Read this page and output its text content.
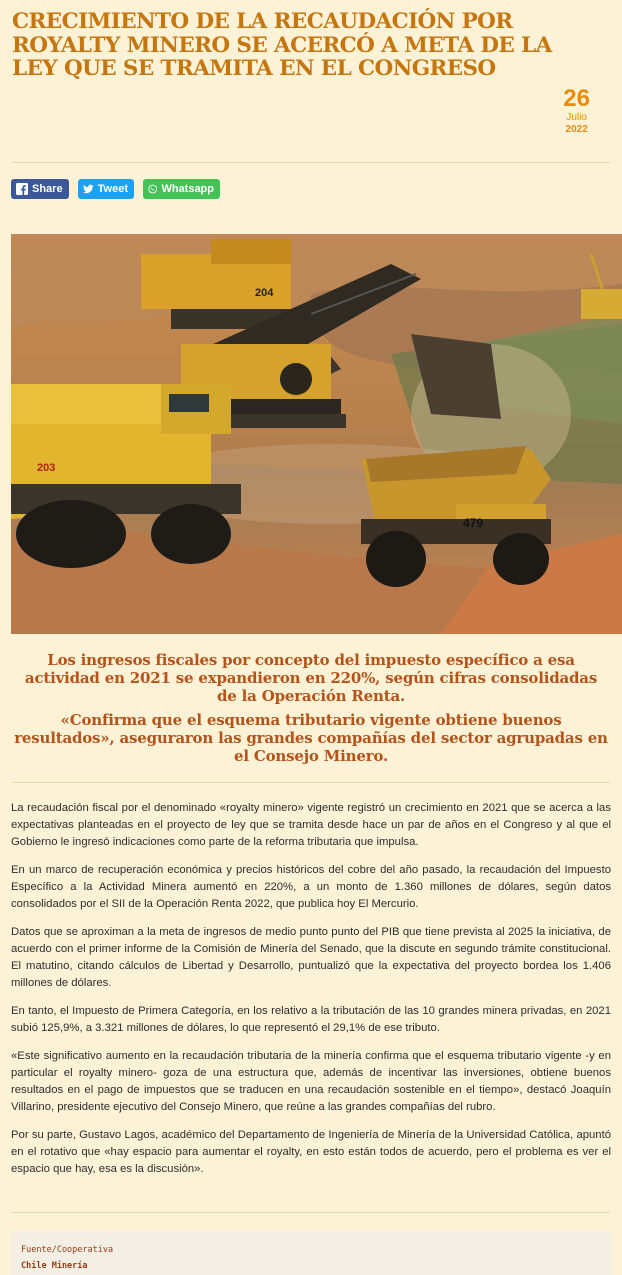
CRECIMIENTO DE LA RECAUDACIÓN POR ROYALTY MINERO SE ACERCÓ A META DE LA LEY QUE SE TRAMITA EN EL CONGRESO
26
Julio
2022
Share	Tweet	Whatsapp
204
203
479

Los ingresos fiscales por concepto del impuesto específico a esa actividad en 2021 se expandieron en 220%, según cifras consolidadas de la Operación Renta.

«Confirma que el esquema tributario vigente obtiene buenos resultados», aseguraron las grandes compañías del sector agrupadas en el Consejo Minero.

La recaudación fiscal por el denominado «royalty minero» vigente registró un crecimiento en 2021 que se acerca a las expectativas planteadas en el proyecto de ley que se tramita desde hace un par de años en el Congreso y al que el Gobierno le ingresó indicaciones como parte de la reforma tributaria que impulsa.

En un marco de recuperación económica y precios históricos del cobre del año pasado, la recaudación del Impuesto Específico a la Actividad Minera aumentó en 220%, a un monto de 1.360 millones de dólares, según datos consolidados por el SII de la Operación Renta 2022, que publica hoy El Mercurio.

Datos que se aproximan a la meta de ingresos de medio punto punto del PIB que tiene prevista al 2025 la iniciativa, de acuerdo con el primer informe de la Comisión de Minería del Senado, que la discute en segundo trámite constitucional. El matutino, citando cálculos de Libertad y Desarrollo, puntualizó que la expectativa del proyecto bordea los 1.406 millones de dólares.

En tanto, el Impuesto de Primera Categoría, en los relativo a la tributación de las 10 grandes minera privadas, en 2021 subió 125,9%, a 3.321 millones de dólares, lo que representó el 29,1% de ese tributo.

«Este significativo aumento en la recaudación tributaria de la minería confirma que el esquema tributario vigente -y en particular el royalty minero- goza de una estructura que, además de incentivar las inversiones, obtiene buenos resultados en el pago de impuestos que se traducen en una recaudación sostenible en el tiempo», destacó Joaquín Villarino, presidente ejecutivo del Consejo Minero, que reúne a las grandes compañías del rubro.

Por su parte, Gustavo Lagos, académico del Departamento de Ingeniería de Minería de la Universidad Católica, apuntó en el rotativo que «hay espacio para aumentar el royalty, en esto están todos de acuerdo, pero el problema es ver el espacio que hay, esa es la discusión».

Fuente/Cooperativa
Chile Minería
